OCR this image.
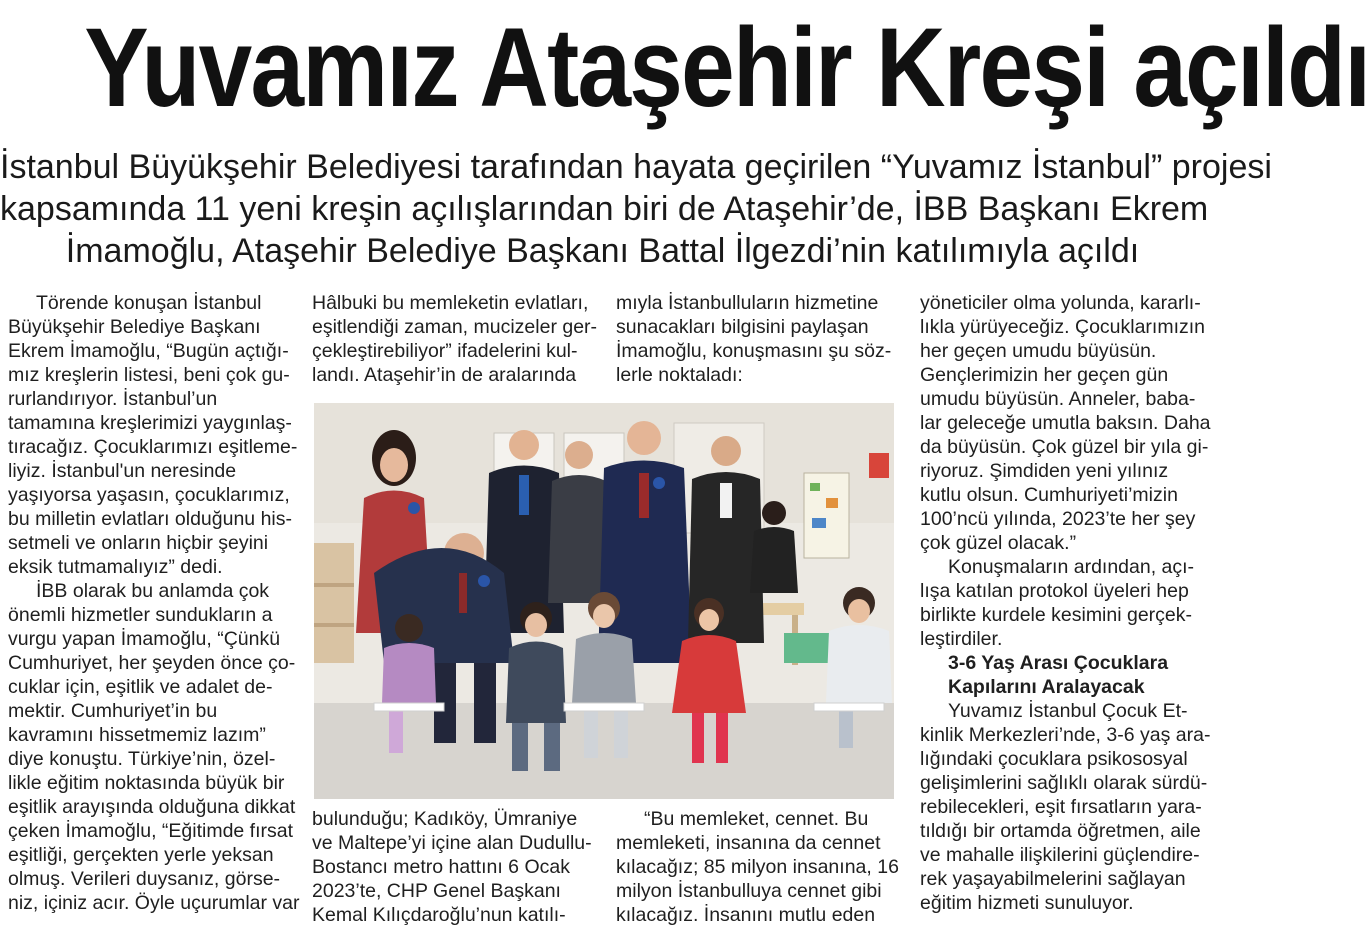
Yuvamız Ataşehir Kreşi açıldı
İstanbul Büyükşehir Belediyesi tarafından hayata geçirilen “Yuvamız İstanbul” projesi
kapsamında 11 yeni kreşin açılışlarından biri de Ataşehir’de, İBB Başkanı Ekrem
İmamoğlu, Ataşehir Belediye Başkanı Battal İlgezdi’nin katılımıyla açıldı
Törende konuşan İstanbul
Büyükşehir Belediye Başkanı
Ekrem İmamoğlu, “Bugün açtığı-
mız kreşlerin listesi, beni çok gu-
rurlandırıyor. İstanbul’un
tamamına kreşlerimizi yaygınlaş-
tıracağız. Çocuklarımızı eşitleme-
liyiz. İstanbul'un neresinde
yaşıyorsa yaşasın, çocuklarımız,
bu milletin evlatları olduğunu his-
setmeli ve onların hiçbir şeyini
eksik tutmamalıyız” dedi.
İBB olarak bu anlamda çok
önemli hizmetler sundukların a
vurgu yapan İmamoğlu, “Çünkü
Cumhuriyet, her şeyden önce ço-
cuklar için, eşitlik ve adalet de-
mektir. Cumhuriyet’in bu
kavramını hissetmemiz lazım”
diye konuştu. Türkiye’nin, özel-
likle eğitim noktasında büyük bir
eşitlik arayışında olduğuna dikkat
çeken İmamoğlu, “Eğitimde fırsat
eşitliği, gerçekten yerle yeksan
olmuş. Verileri duysanız, görse-
niz, içiniz acır. Öyle uçurumlar var
Hâlbuki bu memleketin evlatları,
eşitlendiği zaman, mucizeler ger-
çekleştirebiliyor” ifadelerini kul-
landı. Ataşehir’in de aralarında
mıyla İstanbulluların hizmetine
sunacakları bilgisini paylaşan
İmamoğlu, konuşmasını şu söz-
lerle noktaladı:
bulunduğu; Kadıköy, Ümraniye
ve Maltepe’yi içine alan Dudullu-
Bostancı metro hattını 6 Ocak
2023’te, CHP Genel Başkanı
Kemal Kılıçdaroğlu’nun katılı-
“Bu memleket, cennet. Bu
memleketi, insanına da cennet
kılacağız; 85 milyon insanına, 16
milyon İstanbulluya cennet gibi
kılacağız. İnsanını mutlu eden
yöneticiler olma yolunda, kararlı-
lıkla yürüyeceğiz. Çocuklarımızın
her geçen umudu büyüsün.
Gençlerimizin her geçen gün
umudu büyüsün. Anneler, baba-
lar geleceğe umutla baksın. Daha
da büyüsün. Çok güzel bir yıla gi-
riyoruz. Şimdiden yeni yılınız
kutlu olsun. Cumhuriyeti’mizin
100’ncü yılında, 2023’te her şey
çok güzel olacak.”
Konuşmaların ardından, açı-
lışa katılan protokol üyeleri hep
birlikte kurdele kesimini gerçek-
leştirdiler.
3-6 Yaş Arası Çocuklara
Kapılarını Aralayacak
Yuvamız İstanbul Çocuk Et-
kinlik Merkezleri’nde, 3-6 yaş ara-
lığındaki çocuklara psikososyal
gelişimlerini sağlıklı olarak sürdü-
rebilecekleri, eşit fırsatların yara-
tıldığı bir ortamda öğretmen, aile
ve mahalle ilişkilerini güçlendire-
rek yaşayabilmelerini sağlayan
eğitim hizmeti sunuluyor.
